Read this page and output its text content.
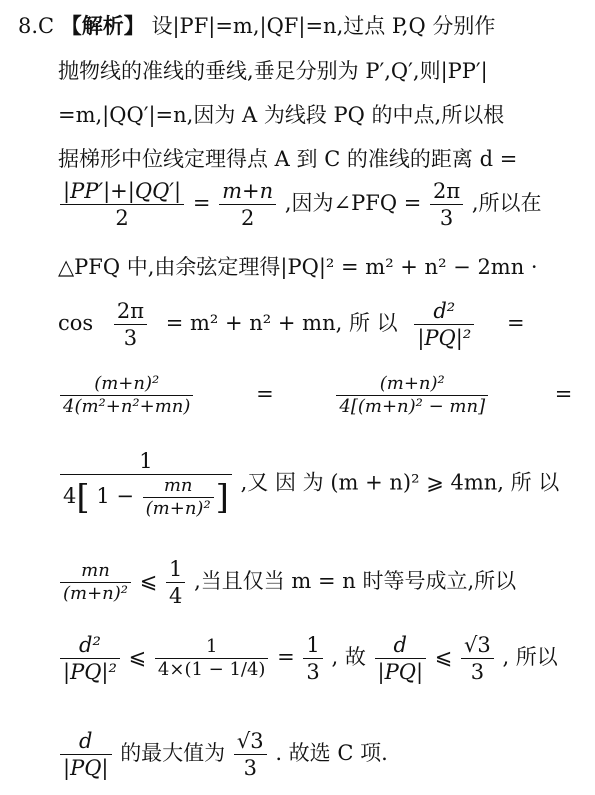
8.C 【解析】 设|PF|=m,|QF|=n,过点 P,Q 分别作
抛物线的准线的垂线,垂足分别为 P′,Q′,则|PP′|
=m,|QQ′|=n,因为 A 为线段 PQ 的中点,所以根
据梯形中位线定理得点 A 到 C 的准线的距离 d =
$\frac{|PP'|+|QQ'|}{2} = \frac{m+n}{2}$ ,因为∠PFQ = $\frac{2\pi}{3}$ ,所以在
△PFQ 中,由余弦定理得|PQ|² = m² + n² − 2mn ·
$\cos \frac{2\pi}{3} = m^2 + n^2$ + mn, 所 以 $\frac{\text{d²}}{\text{|PQ|²}}$ =
$\frac{\text{(m+n)²}}{\text{4(m²+n²+mn)}}$	=	$\frac{\text{(m+n)²}}{\text{4[(m+n)² − mn]}}$	=
1
4[ $1 - \frac{mn}{\text{(m+n)²}}$ ] ,又 因 为 (m + n)² ⩾ 4mn, 所 以
$\frac{mn}{\text{(m+n)²}}$ ⩽ $\frac{1}{4}$ ,当且仅当 m = n 时等号成立,所以
$\frac{\text{d²}}{\text{|PQ|²}}$ ⩽ $\frac{1}{4\times(1 - 1/4)} = \frac{1}{3}$ , 故 $\frac{d}{|PQ|}$ ⩽ $\frac{√3}{3}$ , 所以
$\frac{d}{|PQ|}$ 的最大值为 $\frac{√3}{3}$ . 故选 C 项.
